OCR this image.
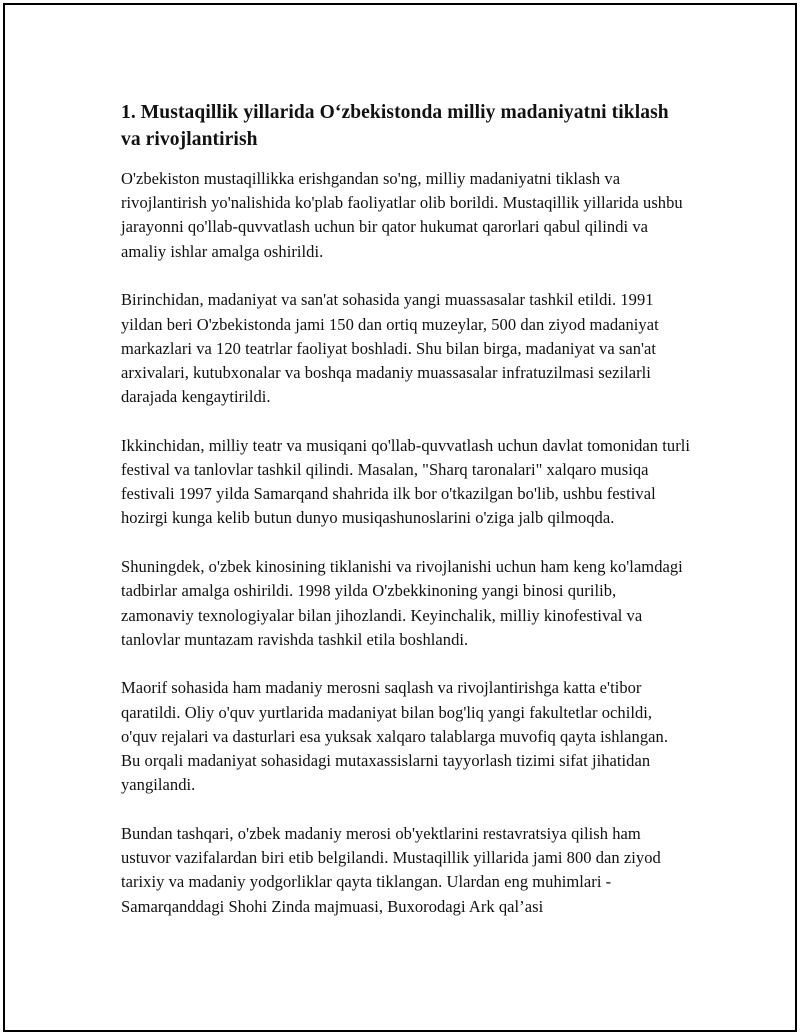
1. Mustaqillik yillarida O‘zbekistonda milliy madaniyatni tiklash va rivojlantirish

O'zbekiston mustaqillikka erishgandan so'ng, milliy madaniyatni tiklash va rivojlantirish yo'nalishida ko'plab faoliyatlar olib borildi. Mustaqillik yillarida ushbu jarayonni qo'llab-quvvatlash uchun bir qator hukumat qarorlari qabul qilindi va amaliy ishlar amalga oshirildi.

Birinchidan, madaniyat va san'at sohasida yangi muassasalar tashkil etildi. 1991 yildan beri O'zbekistonda jami 150 dan ortiq muzeylar, 500 dan ziyod madaniyat markazlari va 120 teatrlar faoliyat boshladi. Shu bilan birga, madaniyat va san'at arxivalari, kutubxonalar va boshqa madaniy muassasalar infratuzilmasi sezilarli darajada kengaytirildi.

Ikkinchidan, milliy teatr va musiqani qo'llab-quvvatlash uchun davlat tomonidan turli festival va tanlovlar tashkil qilindi. Masalan, "Sharq taronalari" xalqaro musiqa festivali 1997 yilda Samarqand shahrida ilk bor o'tkazilgan bo'lib, ushbu festival hozirgi kunga kelib butun dunyo musiqashunoslarini o'ziga jalb qilmoqda.

Shuningdek, o'zbek kinosining tiklanishi va rivojlanishi uchun ham keng ko'lamdagi tadbirlar amalga oshirildi. 1998 yilda O'zbekkinoning yangi binosi qurilib, zamonaviy texnologiyalar bilan jihozlandi. Keyinchalik, milliy kinofestival va tanlovlar muntazam ravishda tashkil etila boshlandi.

Maorif sohasida ham madaniy merosni saqlash va rivojlantirishga katta e'tibor qaratildi. Oliy o'quv yurtlarida madaniyat bilan bog'liq yangi fakultetlar ochildi, o'quv rejalari va dasturlari esa yuksak xalqaro talablarga muvofiq qayta ishlangan. Bu orqali madaniyat sohasidagi mutaxassislarni tayyorlash tizimi sifat jihatidan yangilandi.

Bundan tashqari, o'zbek madaniy merosi ob'yektlarini restavratsiya qilish ham ustuvor vazifalardan biri etib belgilandi. Mustaqillik yillarida jami 800 dan ziyod tarixiy va madaniy yodgorliklar qayta tiklangan. Ulardan eng muhimlari - Samarqanddagi Shohi Zinda majmuasi, Buxorodagi Ark qal’asi
